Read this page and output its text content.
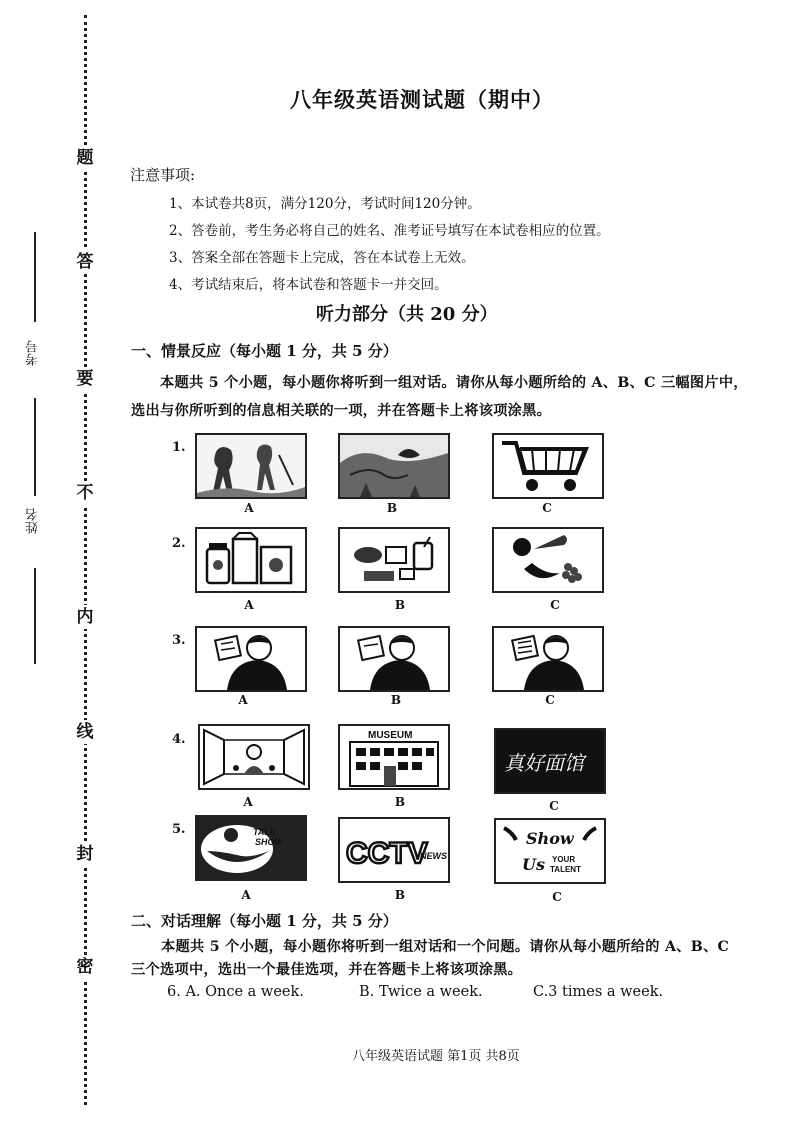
题
答
要
不
内
线
封
密
考号
姓名
八年级英语测试题（期中）
注意事项:
1、本试卷共8页，满分120分，考试时间120分钟。
2、答卷前，考生务必将自己的姓名、准考证号填写在本试卷相应的位置。
3、答案全部在答题卡上完成，答在本试卷上无效。
4、考试结束后，将本试卷和答题卡一并交回。
听力部分（共 20 分）
一、情景反应（每小题 1 分，共 5 分）
本题共 5 个小题，每小题你将听到一组对话。请你从每小题所给的 A、B、C 三幅图片中，
选出与你所听到的信息相关联的一项，并在答题卡上将该项涂黑。
1.
A	B	C
2.
A	B	C
3.
A	B	C
4.	MUSEUM
真好面馆
A	B	C
5.	TALK
SHOW CCTV
NEWS
Show
Us YOUR
TALENT
A	B	C
二、对话理解（每小题 1 分，共 5 分）
本题共 5 个小题，每小题你将听到一组对话和一个问题。请你从每小题所给的 A、B、C
三个选项中，选出一个最佳选项，并在答题卡上将该项涂黑。
6. A. Once a week.	B. Twice a week.	C.3 times a week.
八年级英语试题 第1页 共8页
